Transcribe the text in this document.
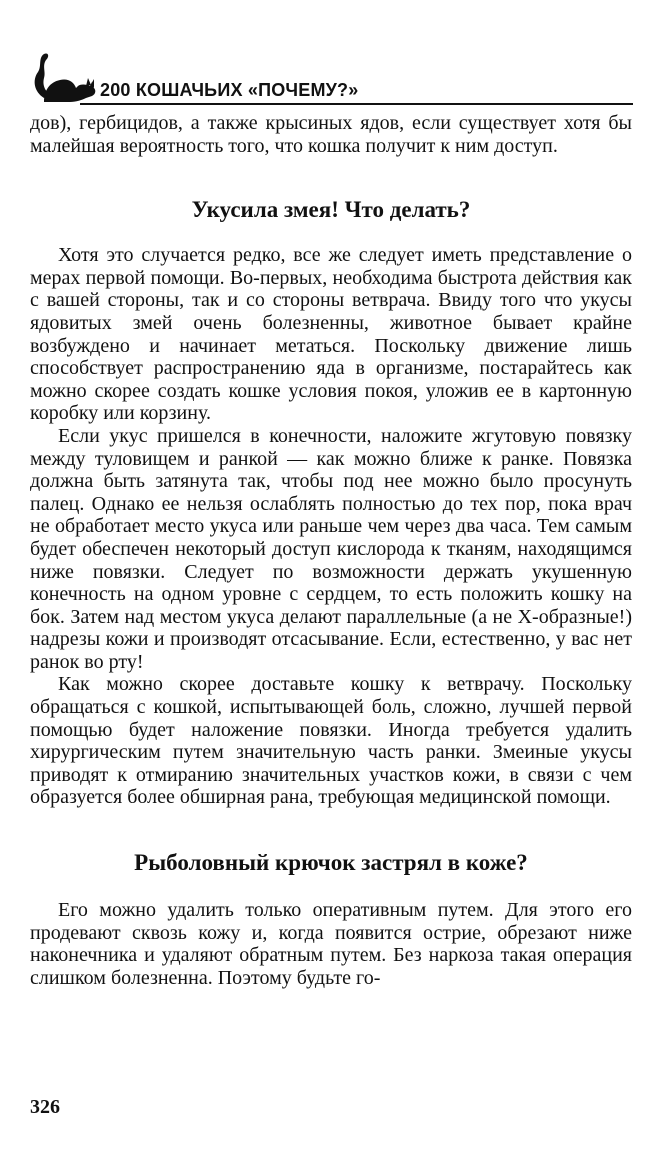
200 КОШАЧЬИХ «ПОЧЕМУ?»

дов), гербицидов, а также крысиных ядов, если существует хотя бы малейшая вероятность того, что кошка получит к ним доступ.

Укусила змея! Что делать?

Хотя это случается редко, все же следует иметь представление о мерах первой помощи. Во-первых, необходима быстрота действия как с вашей стороны, так и со стороны ветврача. Ввиду того что укусы ядовитых змей очень болезненны, животное бывает крайне возбуждено и начинает метаться. Поскольку движение лишь способствует распространению яда в организме, постарайтесь как можно скорее создать кошке условия покоя, уложив ее в картонную коробку или корзину.

Если укус пришелся в конечности, наложите жгутовую повязку между туловищем и ранкой — как можно ближе к ранке. Повязка должна быть затянута так, чтобы под нее можно было просунуть палец. Однако ее нельзя ослаблять полностью до тех пор, пока врач не обработает место укуса или раньше чем через два часа. Тем самым будет обеспечен некоторый доступ кислорода к тканям, находящимся ниже повязки. Следует по возможности держать укушенную конечность на одном уровне с сердцем, то есть положить кошку на бок. Затем над местом укуса делают параллельные (а не X-образные!) надрезы кожи и производят отсасывание. Если, естественно, у вас нет ранок во рту!

Как можно скорее доставьте кошку к ветврачу. Поскольку обращаться с кошкой, испытывающей боль, сложно, лучшей первой помощью будет наложение повязки. Иногда требуется удалить хирургическим путем значительную часть ранки. Змеиные укусы приводят к отмиранию значительных участков кожи, в связи с чем образуется более обширная рана, требующая медицинской помощи.

Рыболовный крючок застрял в коже?

Его можно удалить только оперативным путем. Для этого его продевают сквозь кожу и, когда появится острие, обрезают ниже наконечника и удаляют обратным путем. Без наркоза такая операция слишком болезненна. Поэтому будьте го-

326
